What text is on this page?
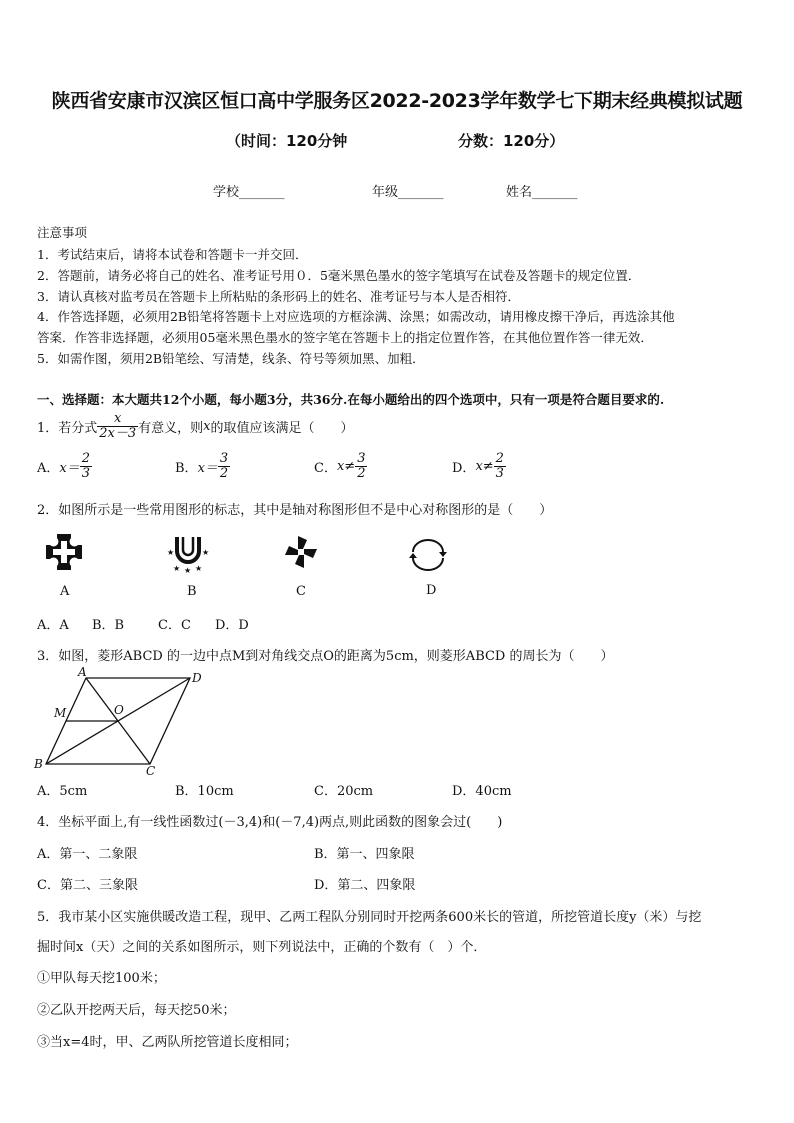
陕西省安康市汉滨区恒口高中学服务区2022-2023学年数学七下期末经典模拟试题
（时间：120分钟	分数：120分）
学校_______	年级_______	姓名_______
注意事项
1．考试结束后，请将本试卷和答题卡一并交回．
2．答题前，请务必将自己的姓名、准考证号用０．5毫米黑色墨水的签字笔填写在试卷及答题卡的规定位置．
3．请认真核对监考员在答题卡上所粘贴的条形码上的姓名、准考证号与本人是否相符．
4．作答选择题，必须用2B铅笔将答题卡上对应选项的方框涂满、涂黑；如需改动，请用橡皮擦干净后，再选涂其他
答案．作答非选择题，必须用05毫米黑色墨水的签字笔在答题卡上的指定位置作答，在其他位置作答一律无效．
5．如需作图，须用2B铅笔绘、写清楚，线条、符号等须加黑、加粗．
一、选择题：本大题共12个小题，每小题3分，共36分.在每小题给出的四个选项中，只有一项是符合题目要求的.
1．若分式 $\frac{x}{2x-3}$ 有意义，则 x 的取值应该满足（　　）
A． $x= \frac{2}{3}$	B． $x= \frac{3}{2}$	C． $x\ne \frac{3}{2}$	D． $x\ne \frac{2}{3}$
2．如图所示是一些常用图形的标志，其中是轴对称图形但不是中心对称图形的是（　　）
★	★
★ ★ ★
A	B	C	D
A．A B．B	C．C D．D
3．如图，菱形ABCD 的一边中点M到对角线交点O的距离为5cm，则菱形ABCD 的周长为（　　）
A	D
B	C
M	O
A．5cm	B．10cm	C．20cm	D．40cm
4．坐标平面上,有一线性函数过(－3,4)和(－7,4)两点,则此函数的图象会过(　　)
A．第一、二象限	B．第一、四象限
C．第二、三象限	D．第二、四象限
5．我市某小区实施供暖改造工程，现甲、乙两工程队分别同时开挖两条600米长的管道，所挖管道长度y（米）与挖
掘时间x（天）之间的关系如图所示，则下列说法中，正确的个数有（　）个．
①甲队每天挖100米；
②乙队开挖两天后，每天挖50米；
③当x=4时，甲、乙两队所挖管道长度相同；
